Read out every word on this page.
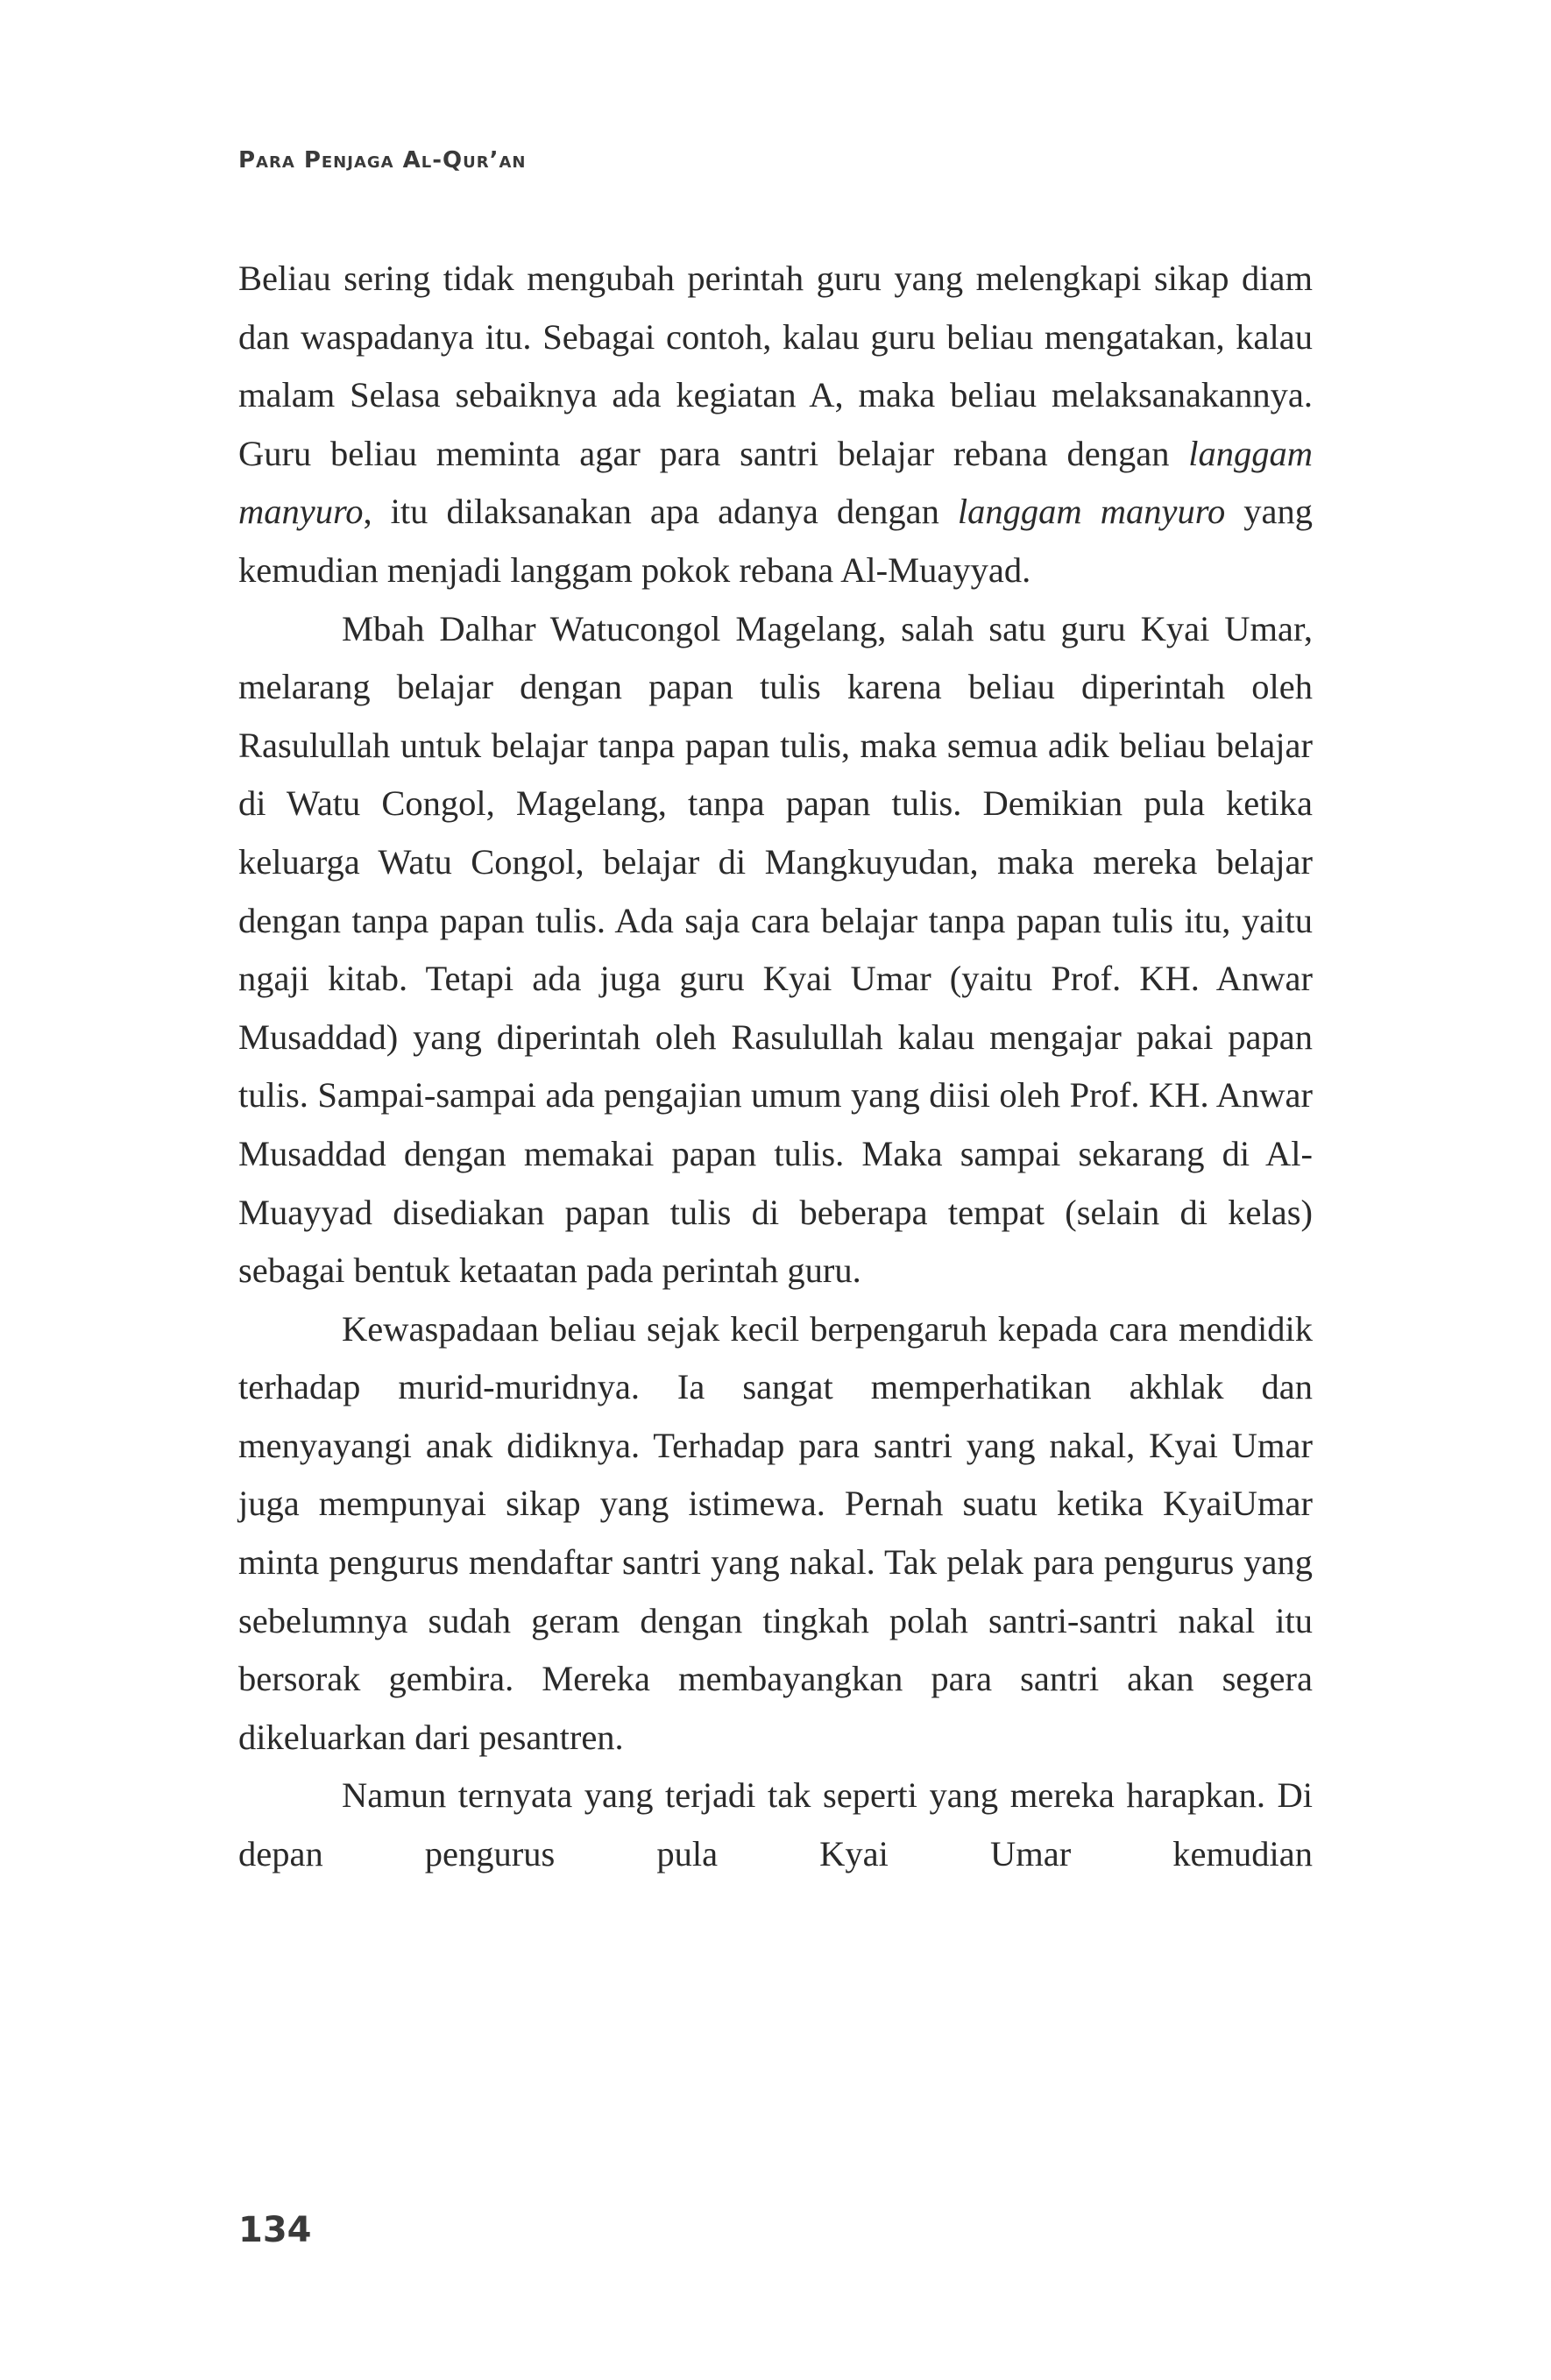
Para Penjaga Al-Qur’an

Beliau sering tidak mengubah perintah guru yang melengkapi sikap diam dan waspadanya itu. Sebagai contoh, kalau guru beliau mengatakan, kalau malam Selasa sebaiknya ada kegiatan A, maka beliau melaksanakannya. Guru beliau meminta agar para santri belajar rebana dengan langgam manyuro, itu dilaksanakan apa adanya dengan langgam manyuro yang kemudian menjadi langgam pokok rebana Al-Muayyad.

Mbah Dalhar Watucongol Magelang, salah satu guru Kyai Umar, melarang belajar dengan papan tulis karena beliau diperintah oleh Rasulullah untuk belajar tanpa papan tulis, maka semua adik beliau belajar di Watu Congol, Magelang, tanpa papan tulis. Demikian pula ketika keluarga Watu Congol, belajar di Mangkuyudan, maka mereka belajar dengan tanpa papan tulis. Ada saja cara belajar tanpa papan tulis itu, yaitu ngaji kitab. Tetapi ada juga guru Kyai Umar (yaitu Prof. KH. Anwar Musaddad) yang diperintah oleh Rasulullah kalau mengajar pakai papan tulis. Sampai-sampai ada pengajian umum yang diisi oleh Prof. KH. Anwar Musaddad dengan memakai papan tulis. Maka sampai sekarang di Al-Muayyad disediakan papan tulis di beberapa tempat (selain di kelas) sebagai bentuk ketaatan pada perintah guru.

Kewaspadaan beliau sejak kecil berpengaruh kepada cara mendidik terhadap murid-muridnya. Ia sangat memperhatikan akhlak dan menyayangi anak didiknya. Terhadap para santri yang nakal, Kyai Umar juga mempunyai sikap yang istimewa. Pernah suatu ketika KyaiUmar minta pengurus mendaftar santri yang nakal. Tak pelak para pengurus yang sebelumnya sudah geram dengan tingkah polah santri-santri nakal itu bersorak gembira. Mereka membayangkan para santri akan segera dikeluarkan dari pesantren.

Namun ternyata yang terjadi tak seperti yang mereka harapkan. Di depan pengurus pula Kyai Umar kemudian

134
